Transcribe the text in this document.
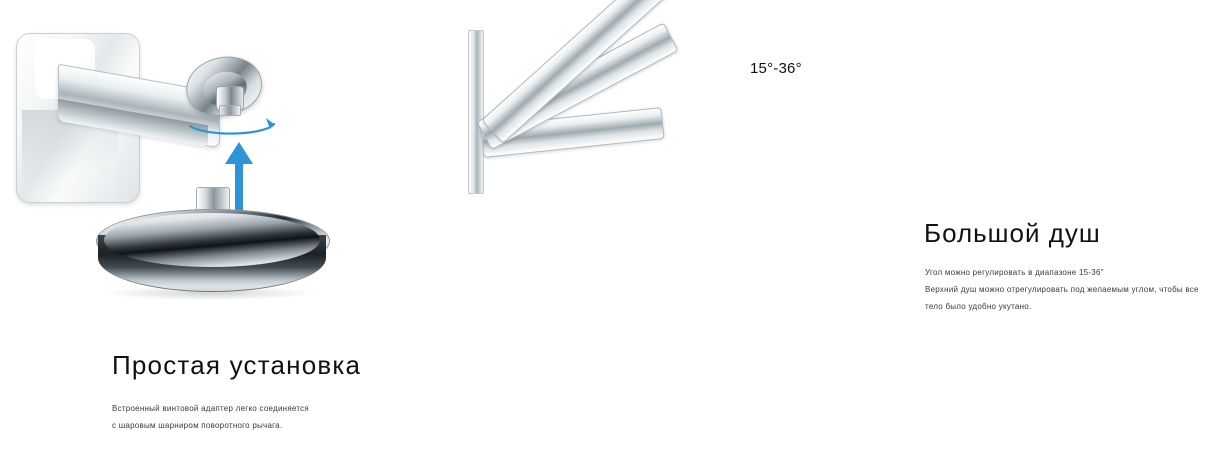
Простая установка
Встроенный винтовой адаптер легко соединяется
с шаровым шарниром поворотного рычага.
15°-36°
Большой душ
Угол можно регулировать в диапазоне 15-36"
Верхний душ можно отрегулировать под желаемым углом, чтобы все
тело было удобно укутано.
